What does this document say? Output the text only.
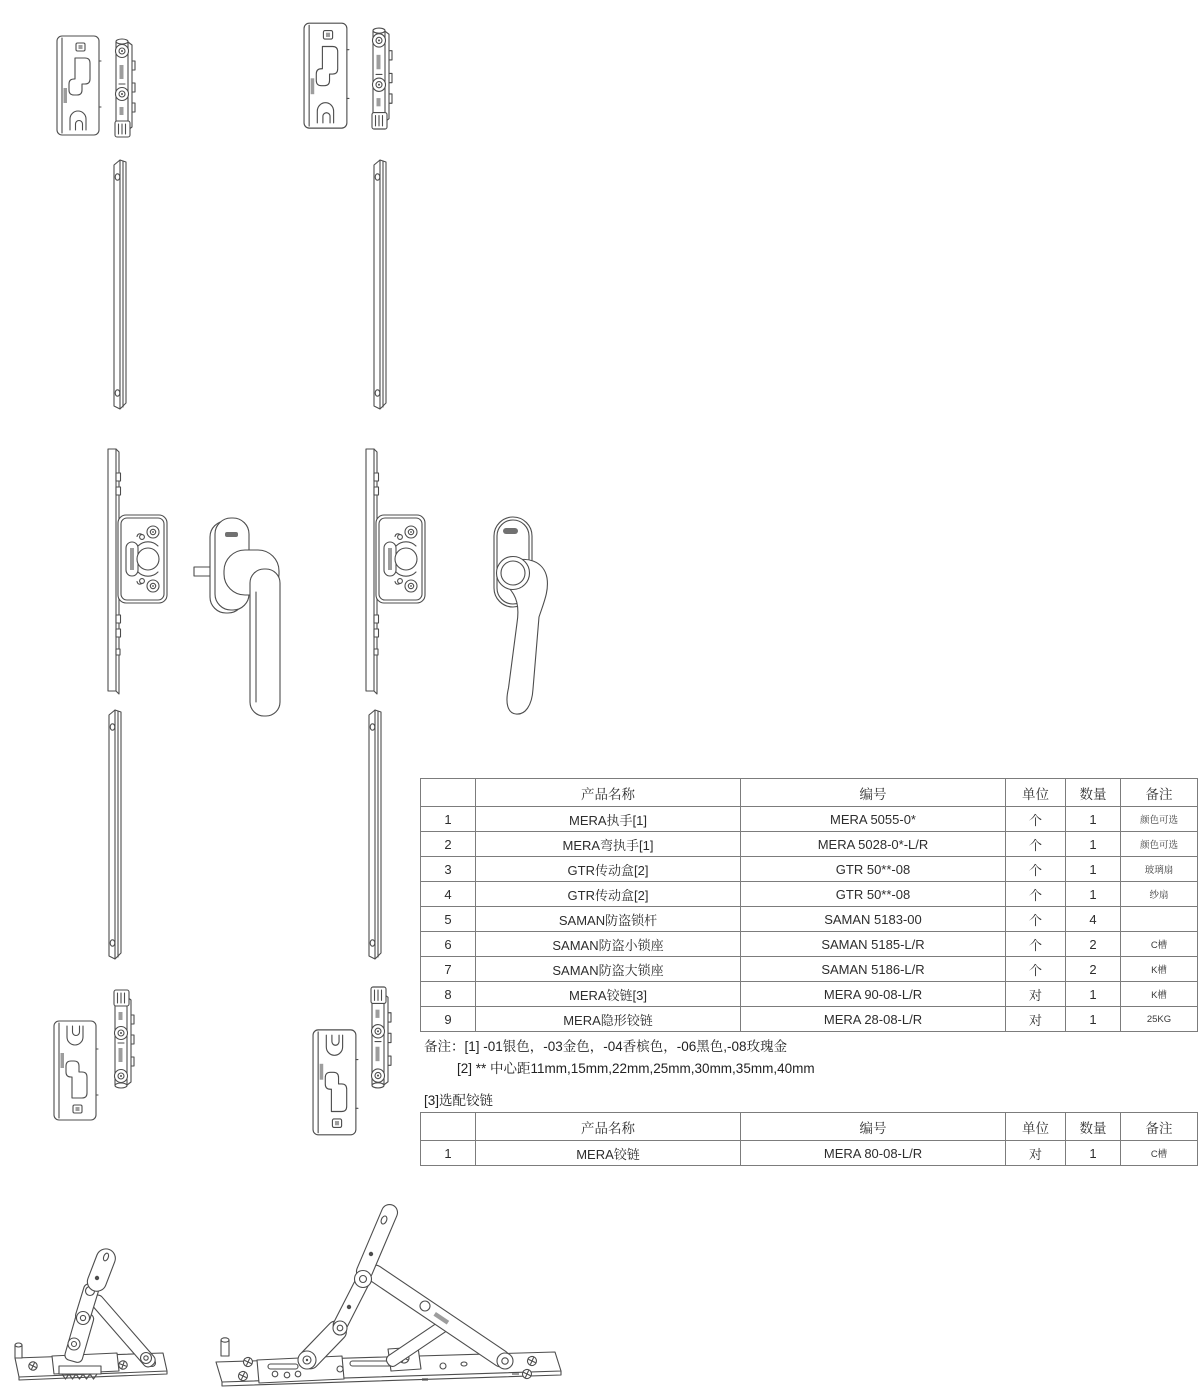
	产品名称	编号	单位	数量	备注
1	MERA执手[1]	MERA 5055-0*	个	1	颜色可选
2	MERA弯执手[1]	MERA 5028-0*-L/R	个	1	颜色可选
3	GTR传动盒[2]	GTR 50**-08	个	1	玻璃扇
4	GTR传动盒[2]	GTR 50**-08	个	1	纱扇
5	SAMAN防盗锁杆	SAMAN 5183-00	个	4	
6	SAMAN防盗小锁座	SAMAN 5185-L/R	个	2	C槽
7	SAMAN防盗大锁座	SAMAN 5186-L/R	个	2	K槽
8	MERA铰链[3]	MERA 90-08-L/R	对	1	K槽
9	MERA隐形铰链	MERA 28-08-L/R	对	1	25KG
备注：[1] -01银色，-03金色，-04香槟色，-06黑色,-08玫瑰金
[2] ** 中心距11mm,15mm,22mm,25mm,30mm,35mm,40mm
[3]选配铰链
	产品名称	编号	单位	数量	备注
1	MERA铰链	MERA 80-08-L/R	对	1	C槽
